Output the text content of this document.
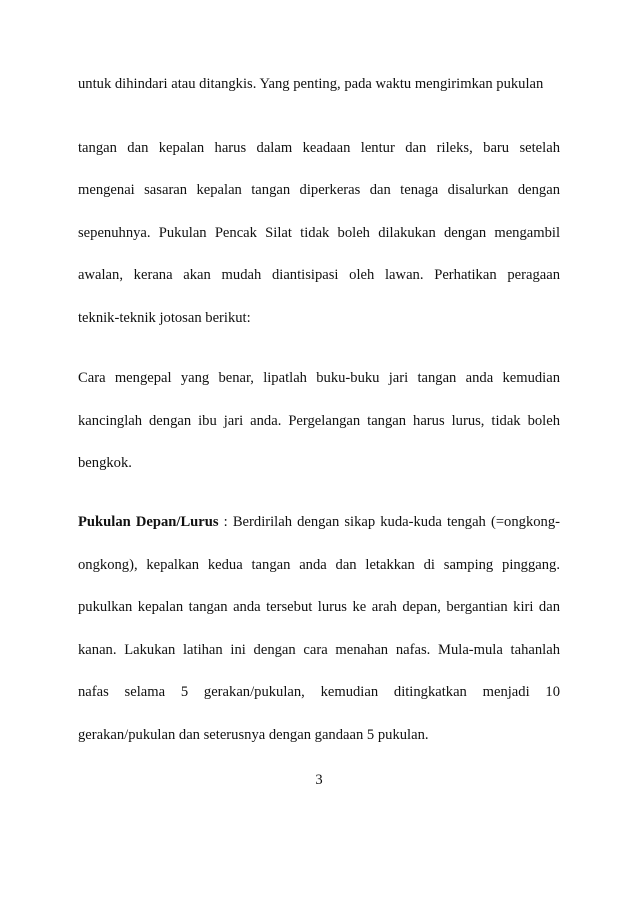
untuk dihindari atau ditangkis. Yang penting, pada waktu mengirimkan pukulan
tangan dan kepalan harus dalam keadaan lentur dan rileks, baru setelah
mengenai sasaran kepalan tangan diperkeras dan tenaga disalurkan dengan
sepenuhnya. Pukulan Pencak Silat tidak boleh dilakukan dengan mengambil
awalan, kerana akan mudah diantisipasi oleh lawan. Perhatikan peragaan
teknik-teknik jotosan berikut:
Cara mengepal yang benar, lipatlah buku-buku jari tangan anda kemudian
kancinglah dengan ibu jari anda. Pergelangan tangan harus lurus, tidak boleh
bengkok.
Pukulan Depan/Lurus : Berdirilah dengan sikap kuda-kuda tengah (=ongkong-
ongkong), kepalkan kedua tangan anda dan letakkan di samping pinggang.
pukulkan kepalan tangan anda tersebut lurus ke arah depan, bergantian kiri dan
kanan. Lakukan latihan ini dengan cara menahan nafas. Mula-mula tahanlah
nafas selama 5 gerakan/pukulan, kemudian ditingkatkan menjadi 10
gerakan/pukulan dan seterusnya dengan gandaan 5 pukulan.
3
